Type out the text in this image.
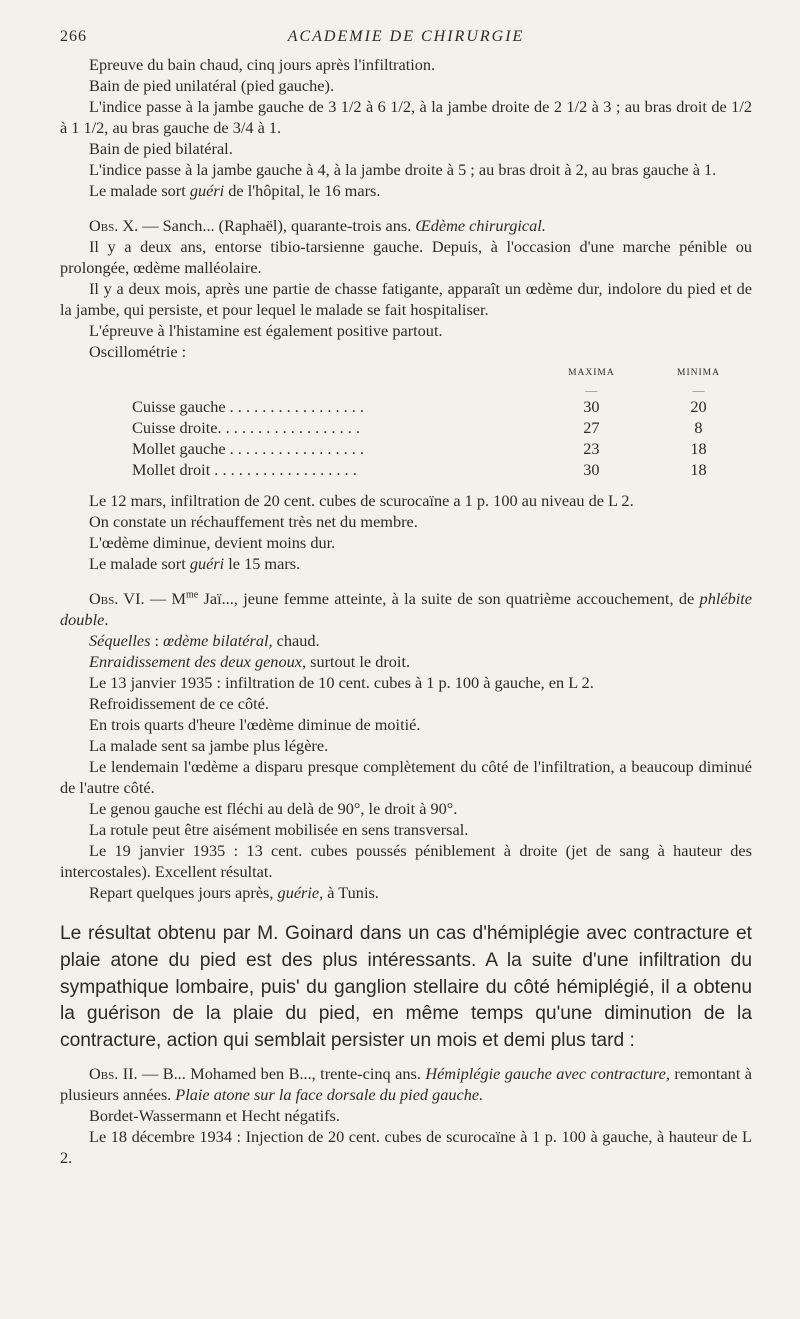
266	ACADEMIE DE CHIRURGIE

Epreuve du bain chaud, cinq jours après l'infiltration.

Bain de pied unilatéral (pied gauche).

L'indice passe à la jambe gauche de 3 1/2 à 6 1/2, à la jambe droite de 2 1/2 à 3 ; au bras droit de 1/2 à 1 1/2, au bras gauche de 3/4 à 1.

Bain de pied bilatéral.

L'indice passe à la jambe gauche à 4, à la jambe droite à 5 ; au bras droit à 2, au bras gauche à 1.

Le malade sort guéri de l'hôpital, le 16 mars.

Obs. X. — Sanch... (Raphaël), quarante-trois ans. Œdème chirurgical.

Il y a deux ans, entorse tibio-tarsienne gauche. Depuis, à l'occasion d'une marche pénible ou prolongée, œdème malléolaire.

Il y a deux mois, après une partie de chasse fatigante, apparaît un œdème dur, indolore du pied et de la jambe, qui persiste, et pour lequel le malade se fait hospitaliser.

L'épreuve à l'histamine est également positive partout.

Oscillométrie :

	MAXIMA	MINIMA
	—	—
Cuisse gauche . . . . . . . . . . . . . . . . .	30	20
Cuisse droite. . . . . . . . . . . . . . . . . .	27	8
Mollet gauche . . . . . . . . . . . . . . . . .	23	18
Mollet droit . . . . . . . . . . . . . . . . . .	30	18

Le 12 mars, infiltration de 20 cent. cubes de scurocaïne a 1 p. 100 au niveau de L 2.

On constate un réchauffement très net du membre.

L'œdème diminue, devient moins dur.

Le malade sort guéri le 15 mars.

Obs. VI. — $M^{me}$ Jaï..., jeune femme atteinte, à la suite de son quatrième accouchement, de phlébite double.

Séquelles : œdème bilatéral, chaud.

Enraidissement des deux genoux, surtout le droit.

Le 13 janvier 1935 : infiltration de 10 cent. cubes à 1 p. 100 à gauche, en L 2.

Refroidissement de ce côté.

En trois quarts d'heure l'œdème diminue de moitié.

La malade sent sa jambe plus légère.

Le lendemain l'œdème a disparu presque complètement du côté de l'infiltration, a beaucoup diminué de l'autre côté.

Le genou gauche est fléchi au delà de 90°, le droit à 90°.

La rotule peut être aisément mobilisée en sens transversal.

Le 19 janvier 1935 : 13 cent. cubes poussés péniblement à droite (jet de sang à hauteur des intercostales). Excellent résultat.

Repart quelques jours après, guérie, à Tunis.

Le résultat obtenu par M. Goinard dans un cas d'hémiplégie avec contracture et plaie atone du pied est des plus intéressants. A la suite d'une infiltration du sympathique lombaire, puis' du ganglion stellaire du côté hémiplégié, il a obtenu la guérison de la plaie du pied, en même temps qu'une diminution de la contracture, action qui semblait persister un mois et demi plus tard :

Obs. II. — B... Mohamed ben B..., trente-cinq ans. Hémiplégie gauche avec contracture, remontant à plusieurs années. Plaie atone sur la face dorsale du pied gauche.

Bordet-Wassermann et Hecht négatifs.

Le 18 décembre 1934 : Injection de 20 cent. cubes de scurocaïne à 1 p. 100 à gauche, à hauteur de L 2.
